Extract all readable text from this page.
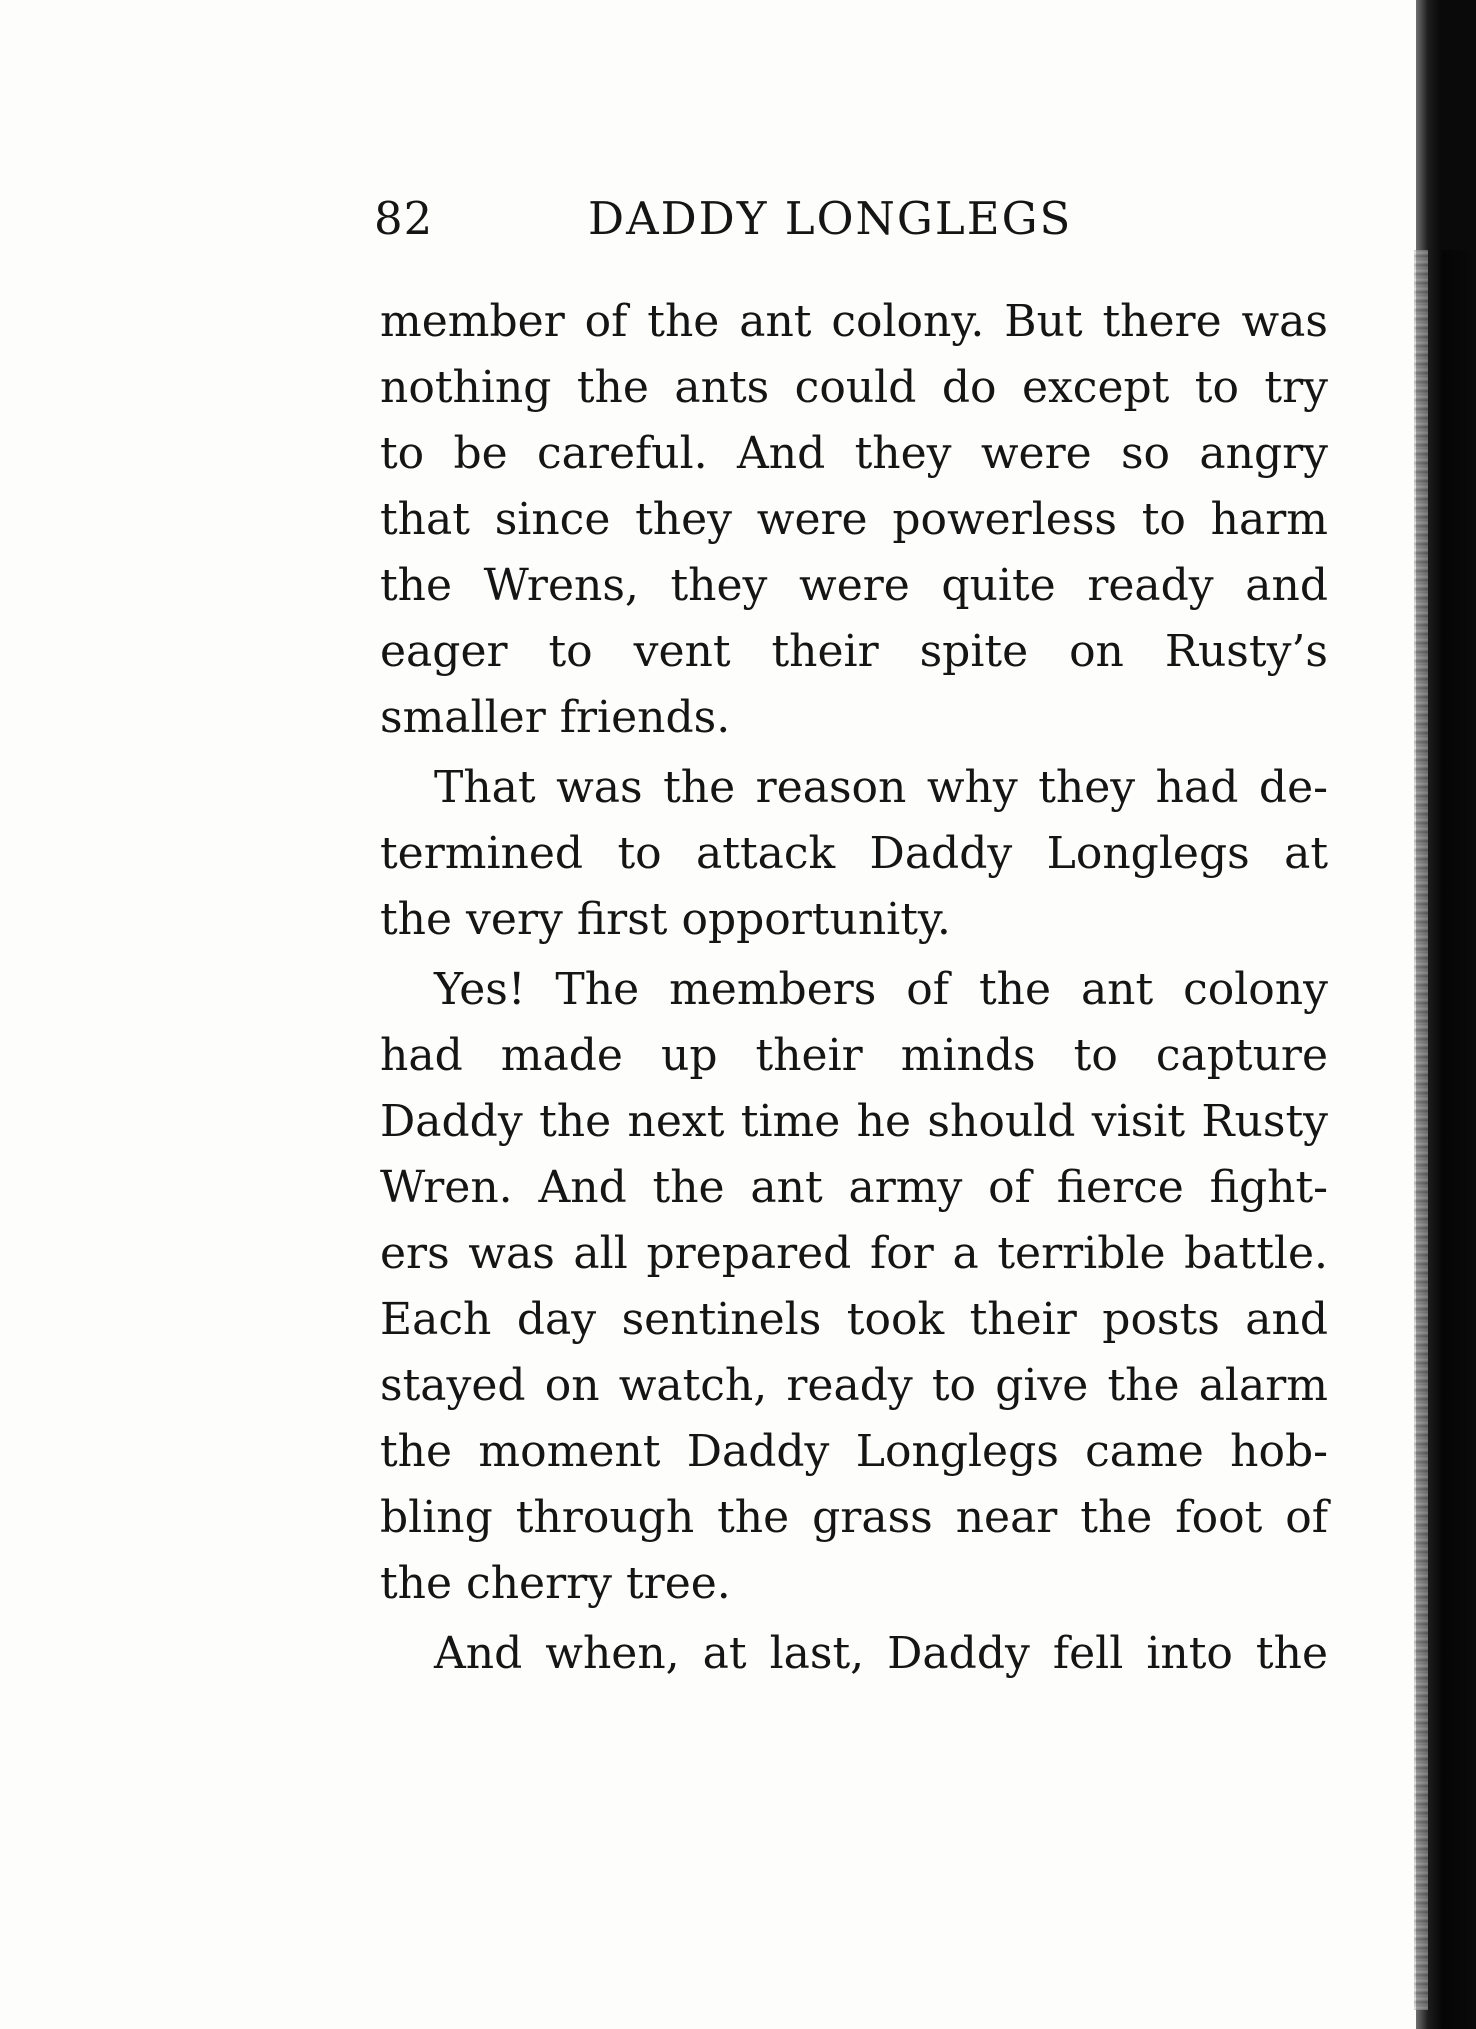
82	DADDY LONGLEGS
member of the ant colony. But there was
nothing the ants could do except to try
to be careful. And they were so angry
that since they were powerless to harm
the Wrens, they were quite ready and
eager to vent their spite on Rusty’s
smaller friends.
That was the reason why they had de-
termined to attack Daddy Longlegs at
the very first opportunity.
Yes! The members of the ant colony
had made up their minds to capture
Daddy the next time he should visit Rusty
Wren. And the ant army of fierce fight-
ers was all prepared for a terrible battle.
Each day sentinels took their posts and
stayed on watch, ready to give the alarm
the moment Daddy Longlegs came hob-
bling through the grass near the foot of
the cherry tree.
And when, at last, Daddy fell into the
